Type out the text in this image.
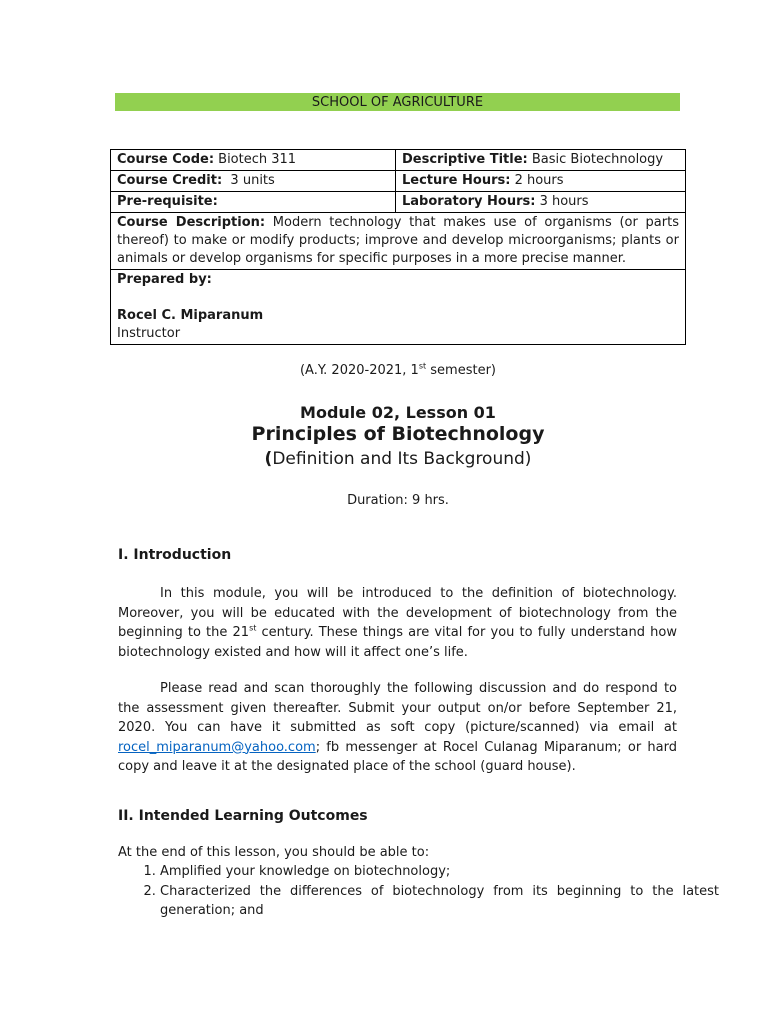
SCHOOL OF AGRICULTURE
Course Code: Biotech 311	Descriptive Title: Basic Biotechnology
Course Credit:  3 units	Lecture Hours: 2 hours
Pre-requisite:	Laboratory Hours: 3 hours
Course Description: Modern technology that makes use of organisms (or parts thereof) to make or modify products; improve and develop microorganisms; plants or animals or develop organisms for specific purposes in a more precise manner.	

Prepared by:
Rocel C. Miparanum
Instructor	
(A.Y. 2020-2021, 1st semester)
Module 02, Lesson 01
Principles of Biotechnology
(Definition and Its Background)
Duration: 9 hrs.
I. Introduction

In this module, you will be introduced to the definition of biotechnology. Moreover, you will be educated with the development of biotechnology from the beginning to the 21st century. These things are vital for you to fully understand how biotechnology existed and how will it affect one’s life.

Please read and scan thoroughly the following discussion and do respond to the assessment given thereafter. Submit your output on/or before September 21, 2020. You can have it submitted as soft copy (picture/scanned) via email at rocel_miparanum@yahoo.com; fb messenger at Rocel Culanag Miparanum; or hard copy and leave it at the designated place of the school (guard house).

II. Intended Learning Outcomes

At the end of this lesson, you should be able to:

1. Amplified your knowledge on biotechnology;
2. Characterized the differences of biotechnology from its beginning to the latest generation; and
